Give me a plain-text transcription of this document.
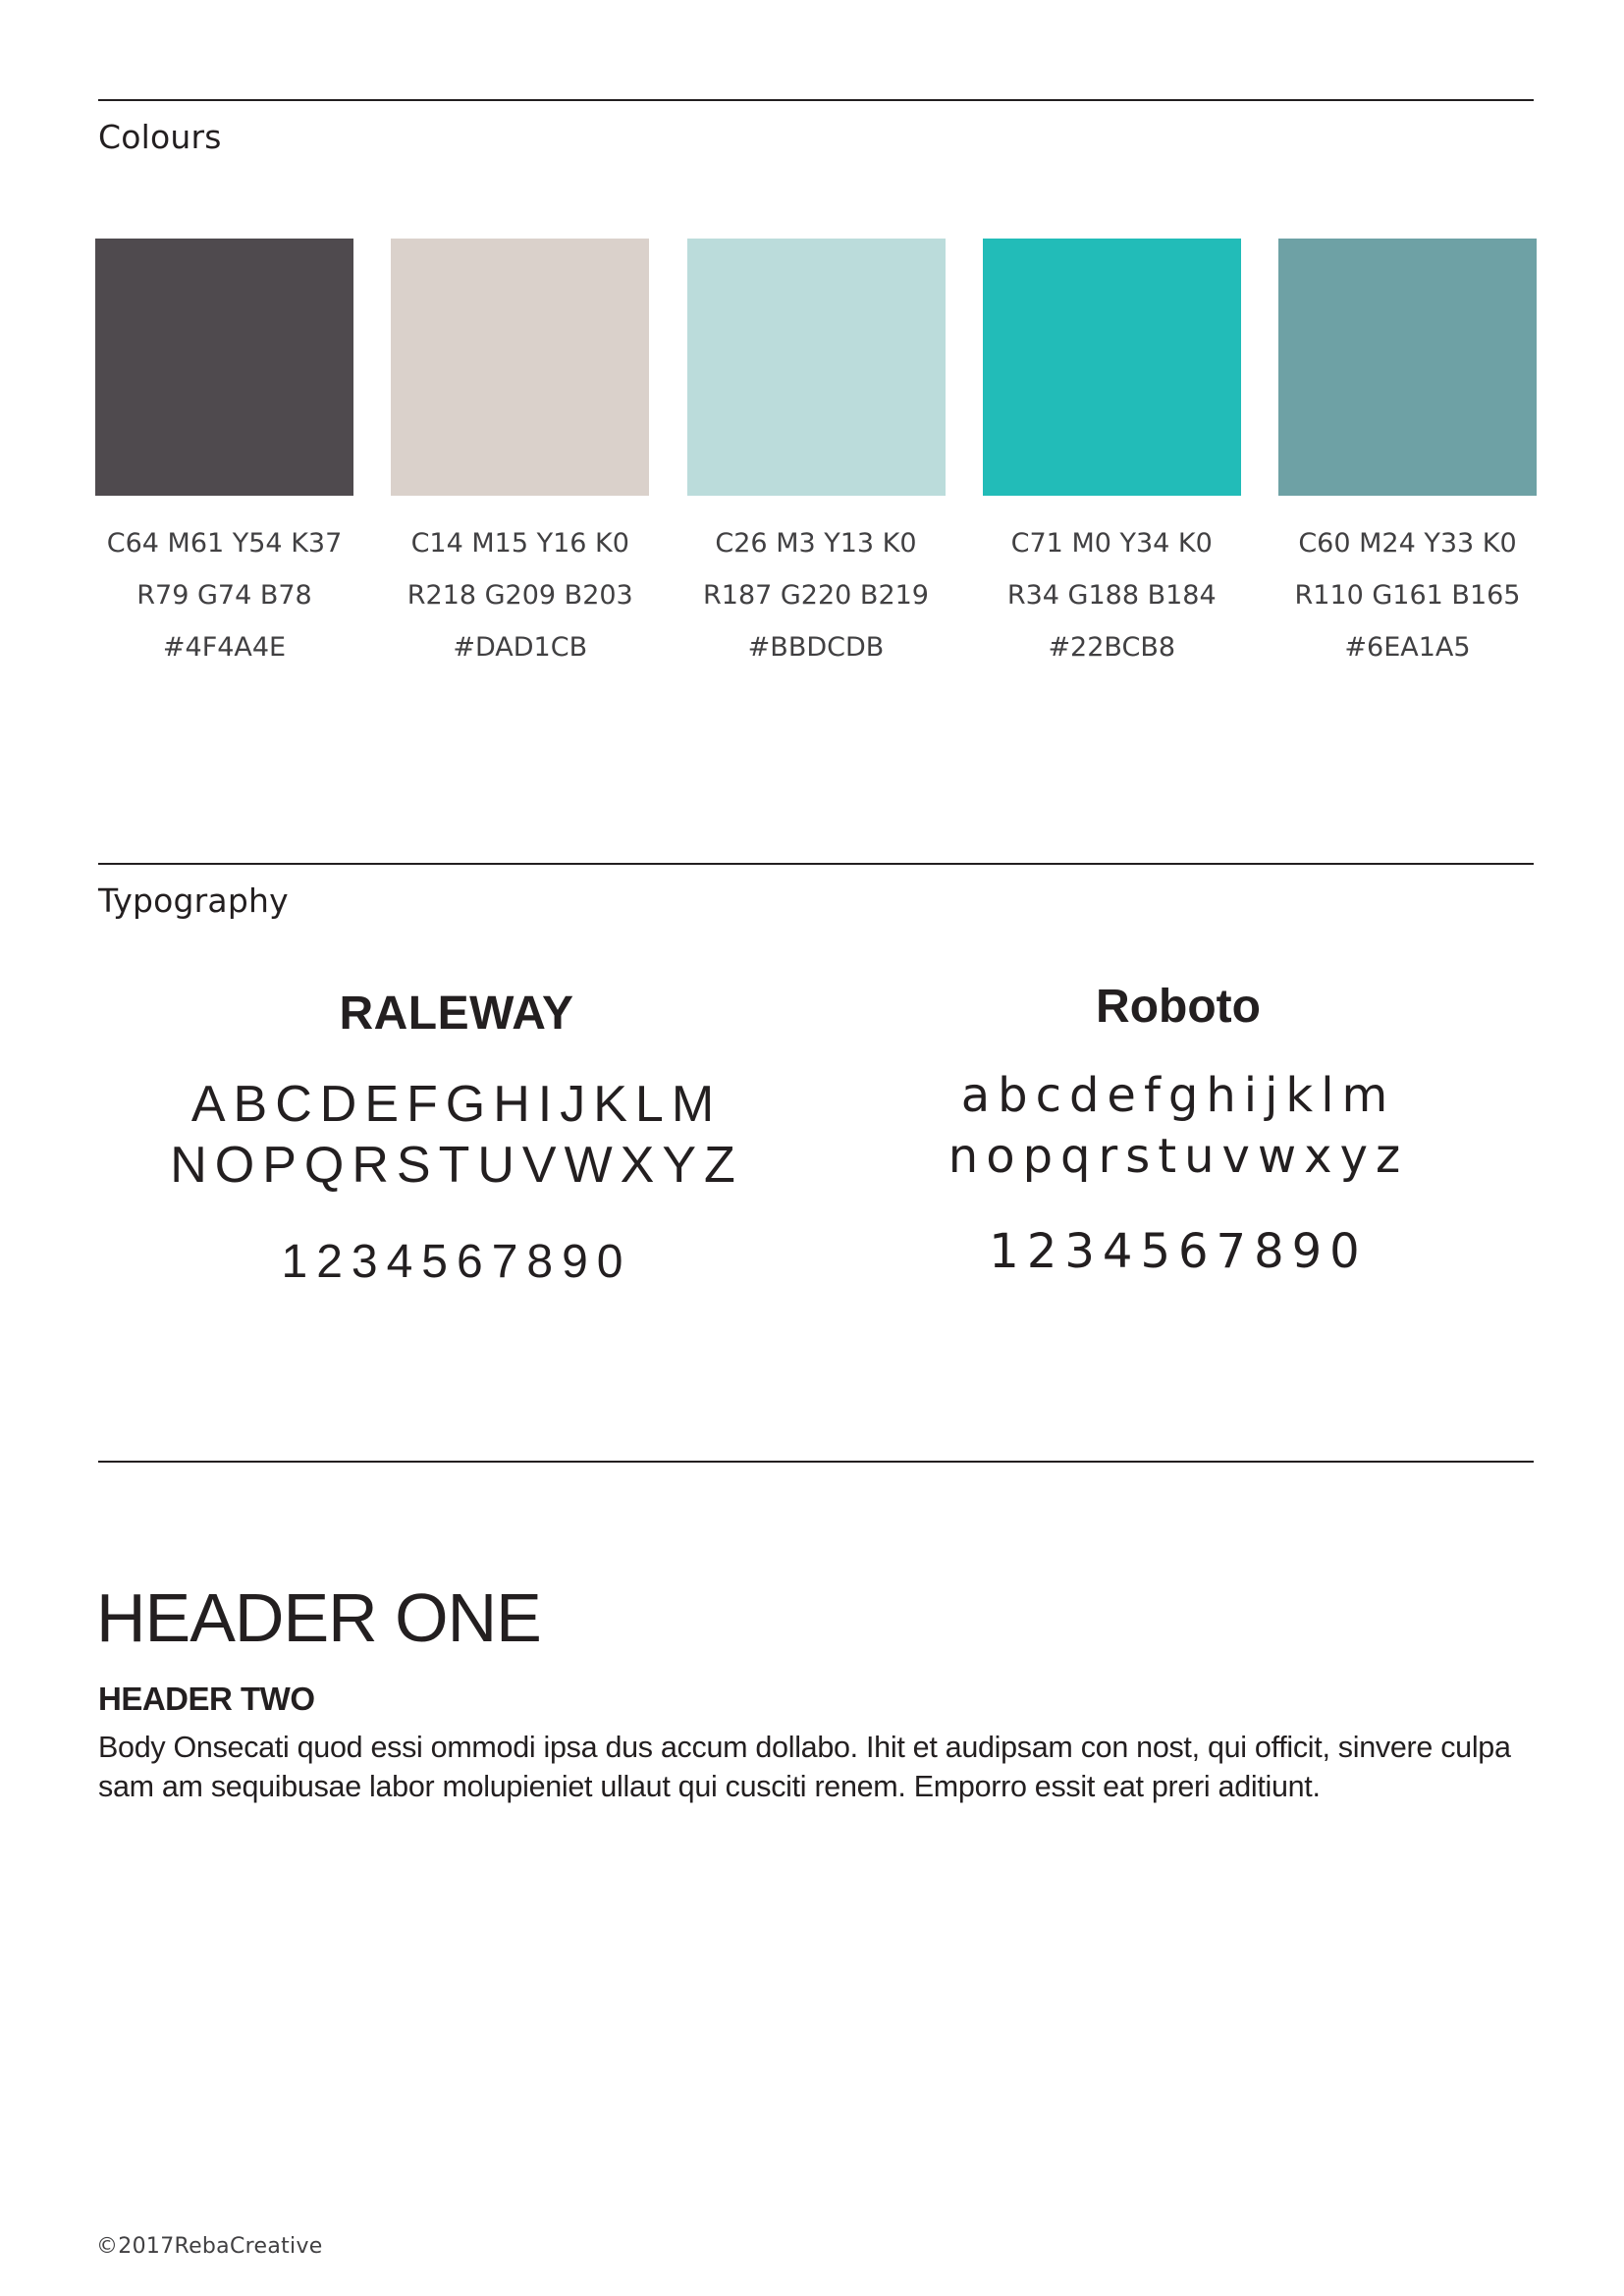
Colours
C64 M61 Y54 K37
R79 G74 B78
#4F4A4E
C14 M15 Y16 K0
R218 G209 B203
#DAD1CB
C26 M3 Y13 K0
R187 G220 B219
#BBDCDB
C71 M0 Y34 K0
R34 G188 B184
#22BCB8
C60 M24 Y33 K0
R110 G161 B165
#6EA1A5
Typography
RALEWAY
ABCDEFGHIJKLM
NOPQRSTUVWXYZ
1234567890
Roboto
abcdefghijklm
nopqrstuvwxyz
1234567890
HEADER ONE
HEADER TWO
Body Onsecati quod essi ommodi ipsa dus accum dollabo. Ihit et audipsam con nost, qui officit, sinvere culpa sam am sequibusae labor molupieniet ullaut qui cusciti renem. Emporro essit eat preri aditiunt.
©2017RebaCreative
